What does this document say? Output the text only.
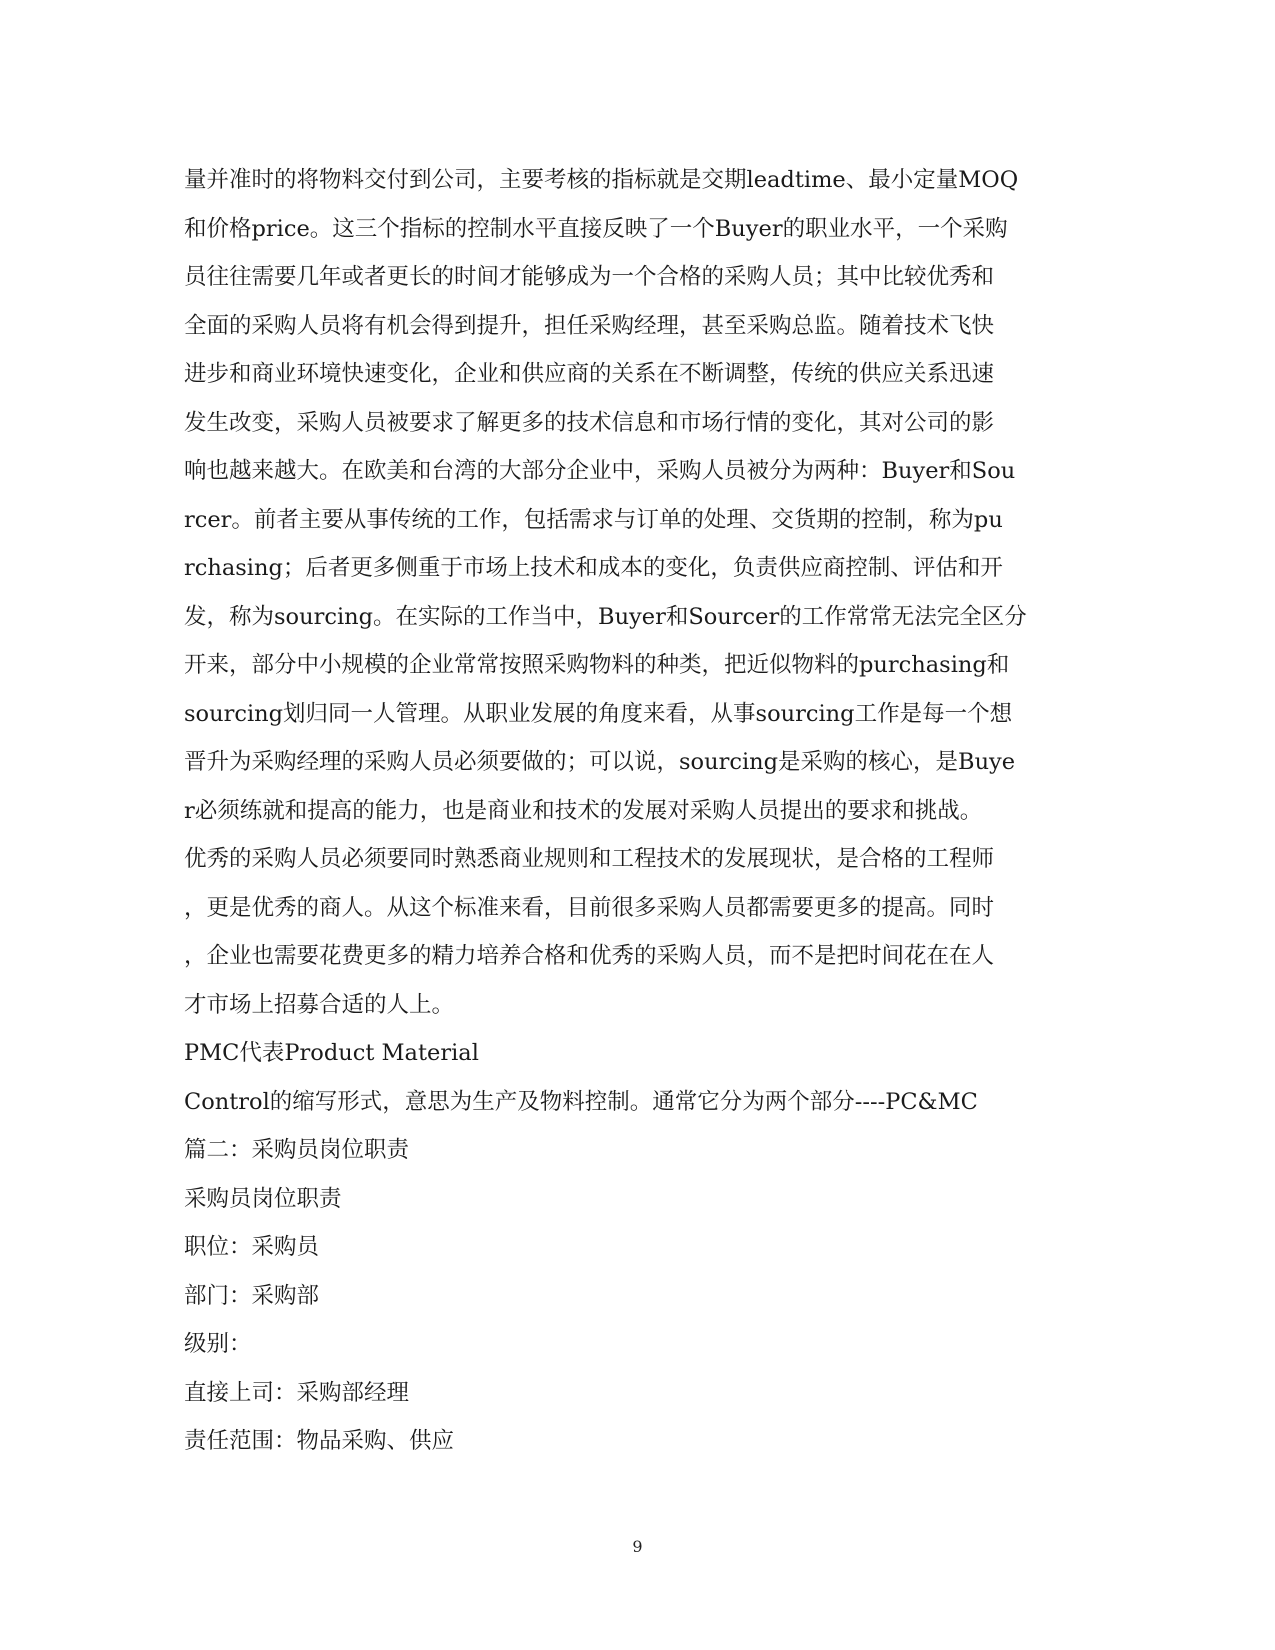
量并准时的将物料交付到公司，主要考核的指标就是交期leadtime、最小定量MOQ
和价格price。这三个指标的控制水平直接反映了一个Buyer的职业水平，一个采购
员往往需要几年或者更长的时间才能够成为一个合格的采购人员；其中比较优秀和
全面的采购人员将有机会得到提升，担任采购经理，甚至采购总监。随着技术飞快
进步和商业环境快速变化，企业和供应商的关系在不断调整，传统的供应关系迅速
发生改变，采购人员被要求了解更多的技术信息和市场行情的变化，其对公司的影
响也越来越大。在欧美和台湾的大部分企业中，采购人员被分为两种：Buyer和Sou
rcer。前者主要从事传统的工作，包括需求与订单的处理、交货期的控制，称为pu
rchasing；后者更多侧重于市场上技术和成本的变化，负责供应商控制、评估和开
发，称为sourcing。在实际的工作当中，Buyer和Sourcer的工作常常无法完全区分
开来，部分中小规模的企业常常按照采购物料的种类，把近似物料的purchasing和
sourcing划归同一人管理。从职业发展的角度来看，从事sourcing工作是每一个想
晋升为采购经理的采购人员必须要做的；可以说，sourcing是采购的核心，是Buye
r必须练就和提高的能力，也是商业和技术的发展对采购人员提出的要求和挑战。
优秀的采购人员必须要同时熟悉商业规则和工程技术的发展现状，是合格的工程师
，更是优秀的商人。从这个标准来看，目前很多采购人员都需要更多的提高。同时
，企业也需要花费更多的精力培养合格和优秀的采购人员，而不是把时间花在在人
才市场上招募合适的人上。
PMC代表Product Material
Control的缩写形式，意思为生产及物料控制。通常它分为两个部分----PC&MC
篇二：采购员岗位职责
采购员岗位职责
职位：采购员
部门：采购部
级别：
直接上司：采购部经理
责任范围：物品采购、供应
9
